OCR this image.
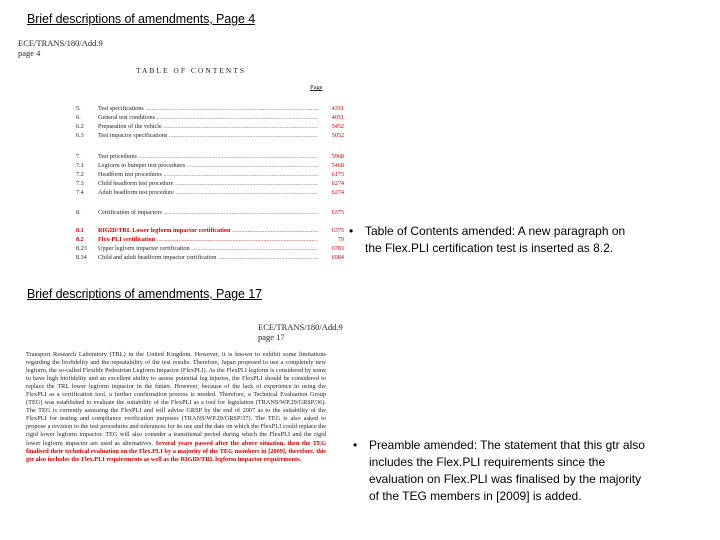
Brief descriptions of amendments, Page 4
ECE/TRANS/180/Add.9
page 4
TABLE OF CONTENTS
Page
5.	Test specifications .....	4351
6.	General test conditions .....	4051
6.2	Preparation of the vehicle .....	5452
6.3	Test impactor specifications .....	5052
7.	Test procedures .....	5968
7.1	Legform to bumper test procedures .....	5468
7.2	Headform test procedures .....	6173
7.3	Child headform test procedure .....	6274
7.4	Adult headform test procedure .....	6274
8.	Certification of impactors .....	6375
8.1	RIGID/TRL Lower legform impactor certification .....	6375
8.2	Flex-PLI certification .....	79
8.23	Upper legform impactor certification .....	6783
8.34	Child and adult headform impactor certification .....	6984
• Table of Contents amended: A new paragraph on the Flex.PLI certification test is inserted as 8.2.
Brief descriptions of amendments, Page 17
ECE/TRANS/180/Add.9
page 17
Transport Research Laboratory (TRL) in the United Kingdom. However, it is known to exhibit some limitations regarding the biofidelity and the repeatability of the test results. Therefore, Japan proposed to use a completely new legform, the so-called Flexible Pedestrian Legform Impactor (FlexPLI). As the FlexPLI legform is considered by some to have high biofidelity and an excellent ability to assess potential leg injuries, the FlexPLI should be considered to replace the TRL lower legform impactor in the future. However, because of the lack of experience in using the FlexPLI as a certification tool, a further confirmation process is needed. Therefore, a Technical Evaluation Group (TEG) was established to evaluate the suitability of the FlexPLI as a tool for legislation (TRANS/WP.29/GRSP/36). The TEG is currently assessing the FlexPLI and will advise GRSP by the end of 2007 as to the suitability of the FlexPLI for testing and compliance verification purposes (TRANS/WP.29/GRSP/37). The TEG is also asked to propose a revision to the test procedures and tolerances for its use and the date on which the FlexPLI could replace the rigid lower legform impactor. TEG will also consider a transitional period during which the FlexPLI and the rigid lower legform impactor are used as alternatives. Several years passed after the above situation, then the TEG finalised their technical evaluation on the Flex.PLI by a majority of the TEG members in [2009], therefore, this gtr also includes the Flex.PLI requirements as well as the RIGID/TRL legform impactor requirements.
• Preamble amended: The statement that this gtr also includes the Flex.PLI requirements since the evaluation on Flex.PLI was finalised by the majority of the TEG members in [2009] is added.
